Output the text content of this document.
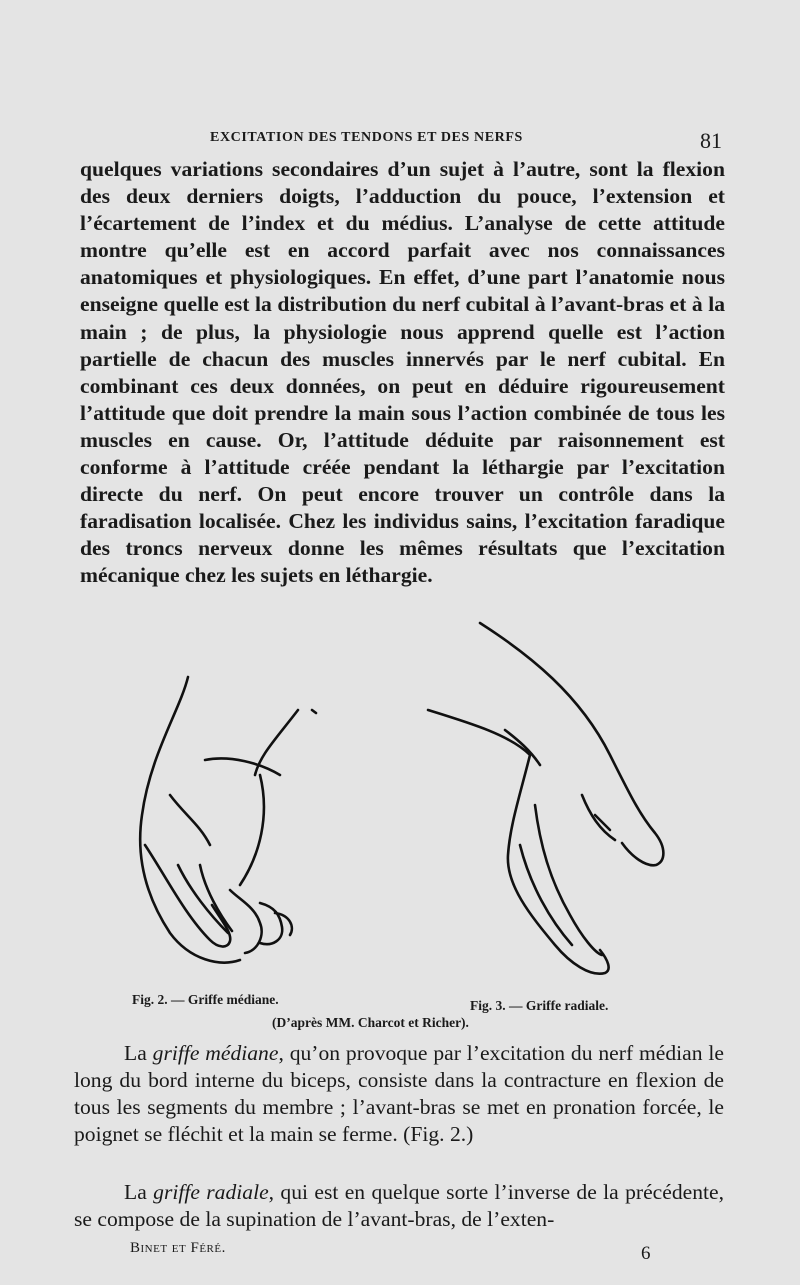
EXCITATION DES TENDONS ET DES NERFS	81

quelques variations secondaires d’un sujet à l’autre, sont la flexion des deux derniers doigts, l’adduction du pouce, l’extension et l’écartement de l’index et du médius. L’analyse de cette attitude montre qu’elle est en accord parfait avec nos connaissances anatomiques et physiologiques. En effet, d’une part l’anatomie nous enseigne quelle est la distribution du nerf cubital à l’avant-bras et à la main ; de plus, la physiologie nous apprend quelle est l’action partielle de chacun des muscles innervés par le nerf cubital. En combinant ces deux données, on peut en déduire rigoureusement l’attitude que doit prendre la main sous l’action combinée de tous les muscles en cause. Or, l’attitude déduite par raisonnement est conforme à l’attitude créée pendant la léthargie par l’excitation directe du nerf. On peut encore trouver un contrôle dans la faradisation localisée. Chez les individus sains, l’excitation faradique des troncs nerveux donne les mêmes résultats que l’excitation mécanique chez les sujets en léthargie.

Fig. 2. — Griffe médiane.	Fig. 3. — Griffe radiale.
(D’après MM. Charcot et Richer).

La griffe médiane, qu’on provoque par l’excitation du nerf médian le long du bord interne du biceps, consiste dans la contracture en flexion de tous les segments du membre ; l’avant-bras se met en pronation forcée, le poignet se fléchit et la main se ferme. (Fig. 2.)

La griffe radiale, qui est en quelque sorte l’inverse de la précédente, se compose de la supination de l’avant-bras, de l’exten-

Binet et Féré.	6
